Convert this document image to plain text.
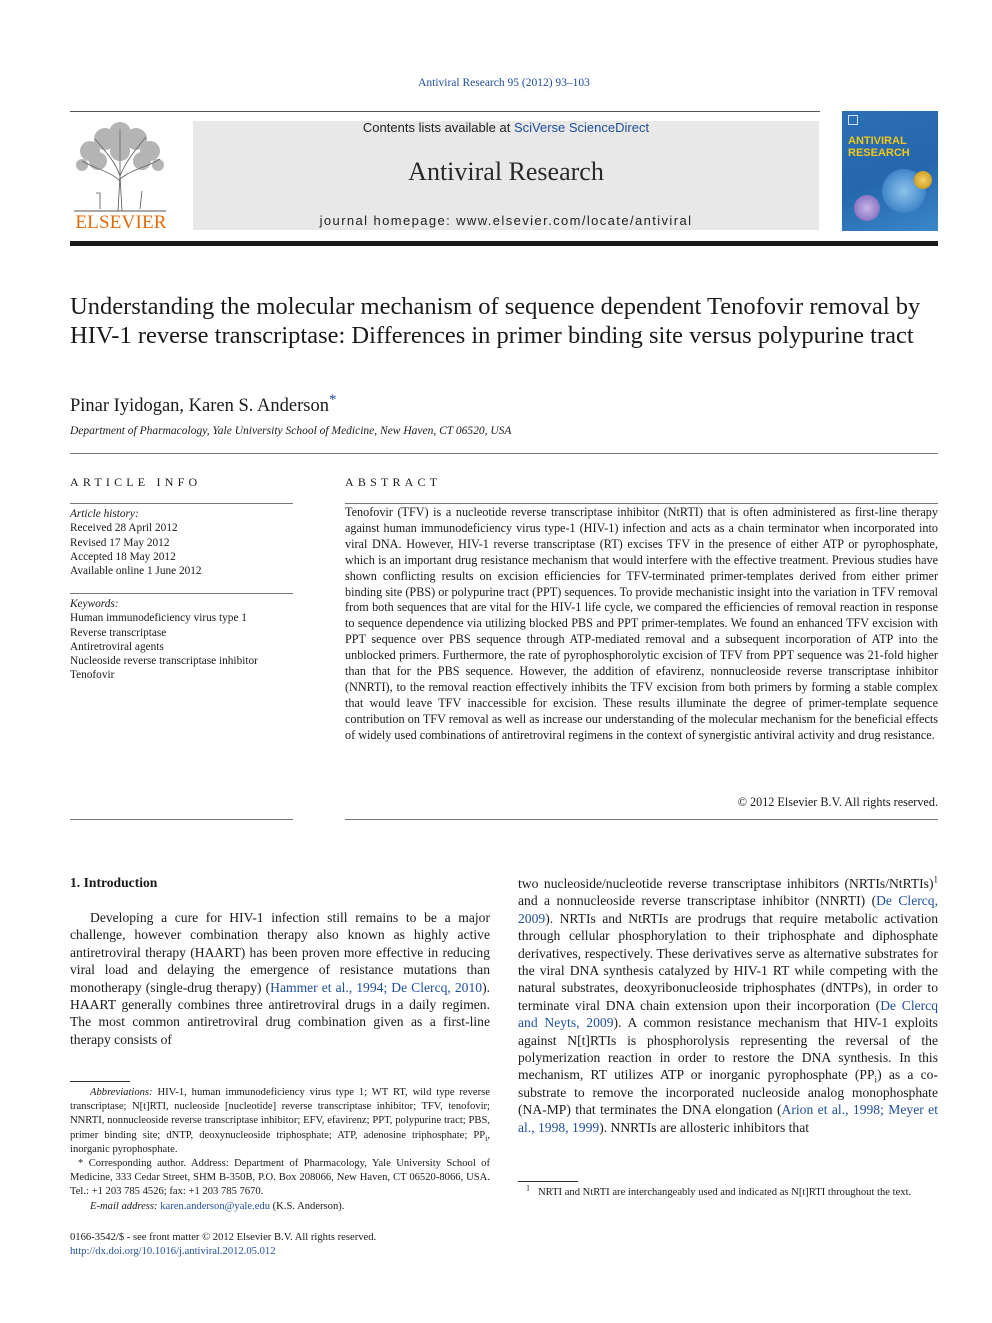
Antiviral Research 95 (2012) 93–103
ELSEVIER
Contents lists available at SciVerse ScienceDirect
Antiviral Research
journal homepage: www.elsevier.com/locate/antiviral
ANTIVIRAL
RESEARCH
Understanding the molecular mechanism of sequence dependent Tenofovir removal by HIV-1 reverse transcriptase: Differences in primer binding site versus polypurine tract
Pinar Iyidogan, Karen S. Anderson*
Department of Pharmacology, Yale University School of Medicine, New Haven, CT 06520, USA
ARTICLE INFO
Article history:
Received 28 April 2012
Revised 17 May 2012
Accepted 18 May 2012
Available online 1 June 2012
Keywords:
Human immunodeficiency virus type 1
Reverse transcriptase
Antiretroviral agents
Nucleoside reverse transcriptase inhibitor
Tenofovir
ABSTRACT
Tenofovir (TFV) is a nucleotide reverse transcriptase inhibitor (NtRTI) that is often administered as first-line therapy against human immunodeficiency virus type-1 (HIV-1) infection and acts as a chain terminator when incorporated into viral DNA. However, HIV-1 reverse transcriptase (RT) excises TFV in the presence of either ATP or pyrophosphate, which is an important drug resistance mechanism that would interfere with the effective treatment. Previous studies have shown conflicting results on excision efficiencies for TFV-terminated primer-templates derived from either primer binding site (PBS) or polypurine tract (PPT) sequences. To provide mechanistic insight into the variation in TFV removal from both sequences that are vital for the HIV-1 life cycle, we compared the efficiencies of removal reaction in response to sequence dependence via utilizing blocked PBS and PPT primer-templates. We found an enhanced TFV excision with PPT sequence over PBS sequence through ATP-mediated removal and a subsequent incorporation of ATP into the unblocked primers. Furthermore, the rate of pyrophosphorolytic excision of TFV from PPT sequence was 21-fold higher than that for the PBS sequence. However, the addition of efavirenz, nonnucleoside reverse transcriptase inhibitor (NNRTI), to the removal reaction effectively inhibits the TFV excision from both primers by forming a stable complex that would leave TFV inaccessible for excision. These results illuminate the degree of primer-template sequence contribution on TFV removal as well as increase our understanding of the molecular mechanism for the beneficial effects of widely used combinations of antiretroviral regimens in the context of synergistic antiviral activity and drug resistance.
© 2012 Elsevier B.V. All rights reserved.
1. Introduction
Developing a cure for HIV-1 infection still remains to be a major challenge, however combination therapy also known as highly active antiretroviral therapy (HAART) has been proven more effective in reducing viral load and delaying the emergence of resistance mutations than monotherapy (single-drug therapy) (Hammer et al., 1994; De Clercq, 2010). HAART generally combines three antiretroviral drugs in a daily regimen. The most common antiretroviral drug combination given as a first-line therapy consists of
two nucleoside/nucleotide reverse transcriptase inhibitors (NRTIs/NtRTIs)$^1$ and a nonnucleoside reverse transcriptase inhibitor (NNRTI) (De Clercq, 2009). NRTIs and NtRTIs are prodrugs that require metabolic activation through cellular phosphorylation to their triphosphate and diphosphate derivatives, respectively. These derivatives serve as alternative substrates for the viral DNA synthesis catalyzed by HIV-1 RT while competing with the natural substrates, deoxyribonucleoside triphosphates (dNTPs), in order to terminate viral DNA chain extension upon their incorporation (De Clercq and Neyts, 2009). A common resistance mechanism that HIV-1 exploits against N[t]RTIs is phosphorolysis representing the reversal of the polymerization reaction in order to restore the DNA synthesis. In this mechanism, RT utilizes ATP or inorganic pyrophosphate $(PP_i)$ as a co-substrate to remove the incorporated nucleoside analog monophosphate (NA-MP) that terminates the DNA elongation (Arion et al., 1998; Meyer et al., 1998, 1999). NNRTIs are allosteric inhibitors that
Abbreviations: HIV-1, human immunodeficiency virus type 1; WT RT, wild type reverse transcriptase; N[t]RTI, nucleoside [nucleotide] reverse transcriptase inhibitor; TFV, tenofovir; NNRTI, nonnucleoside reverse transcriptase inhibitor; EFV, efavirenz; PPT, polypurine tract; PBS, primer binding site; dNTP, deoxynucleoside triphosphate; ATP, adenosine triphosphate; $PP_i$, inorganic pyrophosphate.
* Corresponding author. Address: Department of Pharmacology, Yale University School of Medicine, 333 Cedar Street, SHM B-350B, P.O. Box 208066, New Haven, CT 06520-8066, USA. Tel.: +1 203 785 4526; fax: +1 203 785 7670.
E-mail address: karen.anderson@yale.edu (K.S. Anderson).
$^1$ NRTI and NtRTI are interchangeably used and indicated as N[t]RTI throughout the text.
0166-3542/$ - see front matter © 2012 Elsevier B.V. All rights reserved.
http://dx.doi.org/10.1016/j.antiviral.2012.05.012
